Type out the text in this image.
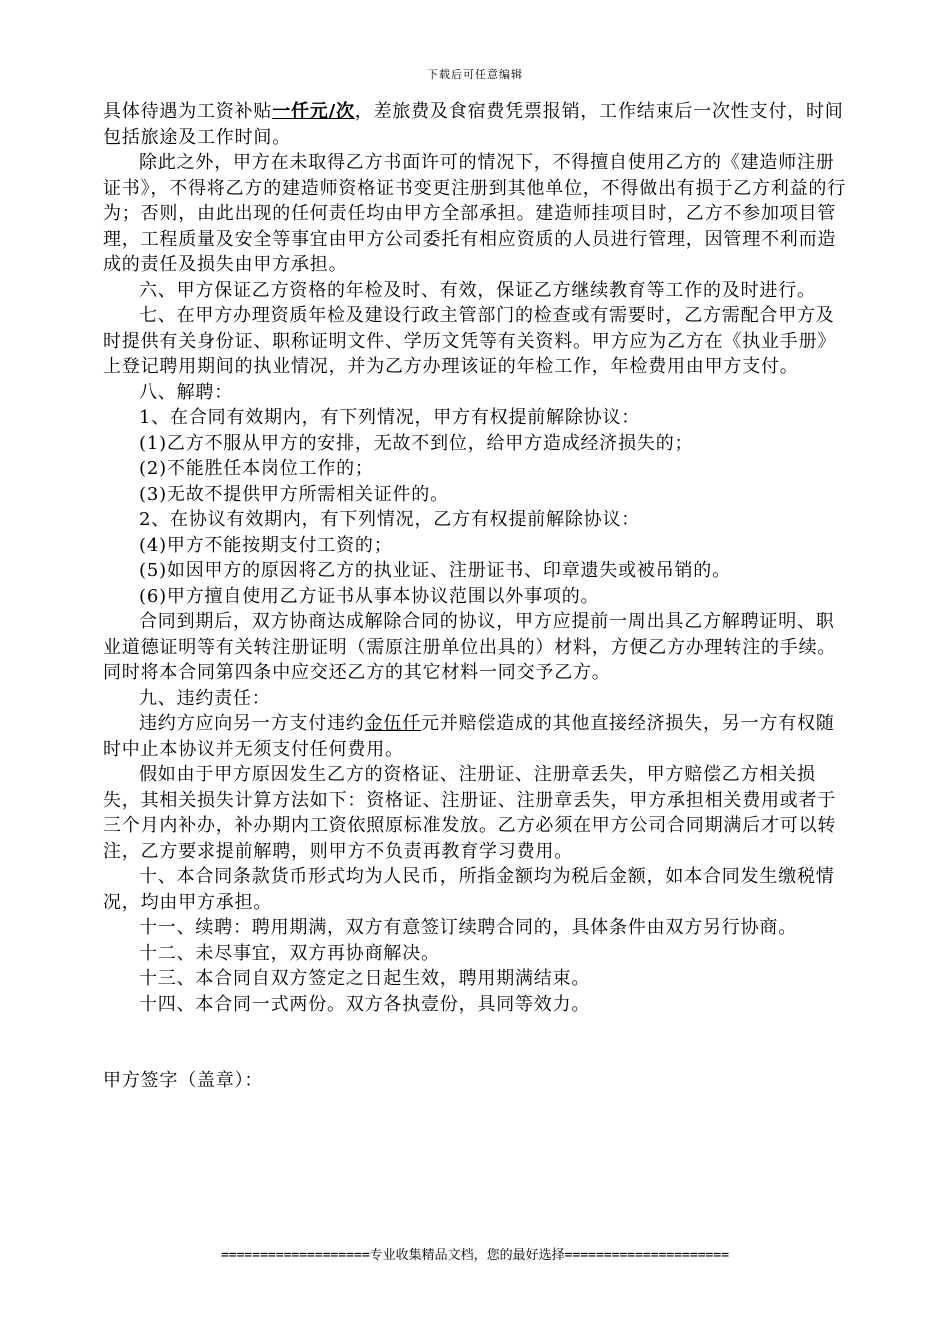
下载后可任意编辑

具体待遇为工资补贴一仟元/次，差旅费及食宿费凭票报销，工作结束后一次性支付，时间包括旅途及工作时间。

除此之外，甲方在未取得乙方书面许可的情况下，不得擅自使用乙方的《建造师注册证书》，不得将乙方的建造师资格证书变更注册到其他单位，不得做出有损于乙方利益的行为；否则，由此出现的任何责任均由甲方全部承担。建造师挂项目时，乙方不参加项目管理，工程质量及安全等事宜由甲方公司委托有相应资质的人员进行管理，因管理不利而造成的责任及损失由甲方承担。

六、甲方保证乙方资格的年检及时、有效，保证乙方继续教育等工作的及时进行。

七、在甲方办理资质年检及建设行政主管部门的检查或有需要时，乙方需配合甲方及时提供有关身份证、职称证明文件、学历文凭等有关资料。甲方应为乙方在《执业手册》上登记聘用期间的执业情况，并为乙方办理该证的年检工作，年检费用由甲方支付。

八、解聘：

1、在合同有效期内，有下列情况，甲方有权提前解除协议：

(1)乙方不服从甲方的安排，无故不到位，给甲方造成经济损失的；

(2)不能胜任本岗位工作的；

(3)无故不提供甲方所需相关证件的。

2、在协议有效期内，有下列情况，乙方有权提前解除协议：

(4)甲方不能按期支付工资的；

(5)如因甲方的原因将乙方的执业证、注册证书、印章遗失或被吊销的。

(6)甲方擅自使用乙方证书从事本协议范围以外事项的。

合同到期后，双方协商达成解除合同的协议，甲方应提前一周出具乙方解聘证明、职业道德证明等有关转注册证明（需原注册单位出具的）材料，方便乙方办理转注的手续。同时将本合同第四条中应交还乙方的其它材料一同交予乙方。

九、违约责任：

违约方应向另一方支付违约金伍仟元并赔偿造成的其他直接经济损失，另一方有权随时中止本协议并无须支付任何费用。

假如由于甲方原因发生乙方的资格证、注册证、注册章丢失，甲方赔偿乙方相关损失，其相关损失计算方法如下：资格证、注册证、注册章丢失，甲方承担相关费用或者于三个月内补办，补办期内工资依照原标准发放。乙方必须在甲方公司合同期满后才可以转注，乙方要求提前解聘，则甲方不负责再教育学习费用。

十、本合同条款货币形式均为人民币，所指金额均为税后金额，如本合同发生缴税情况，均由甲方承担。

十一、续聘：聘用期满，双方有意签订续聘合同的，具体条件由双方另行协商。

十二、未尽事宜，双方再协商解决。

十三、本合同自双方签定之日起生效，聘用期满结束。

十四、本合同一式两份。双方各执壹份，具同等效力。

甲方签字（盖章）：

===================专业收集精品文档，您的最好选择=====================
